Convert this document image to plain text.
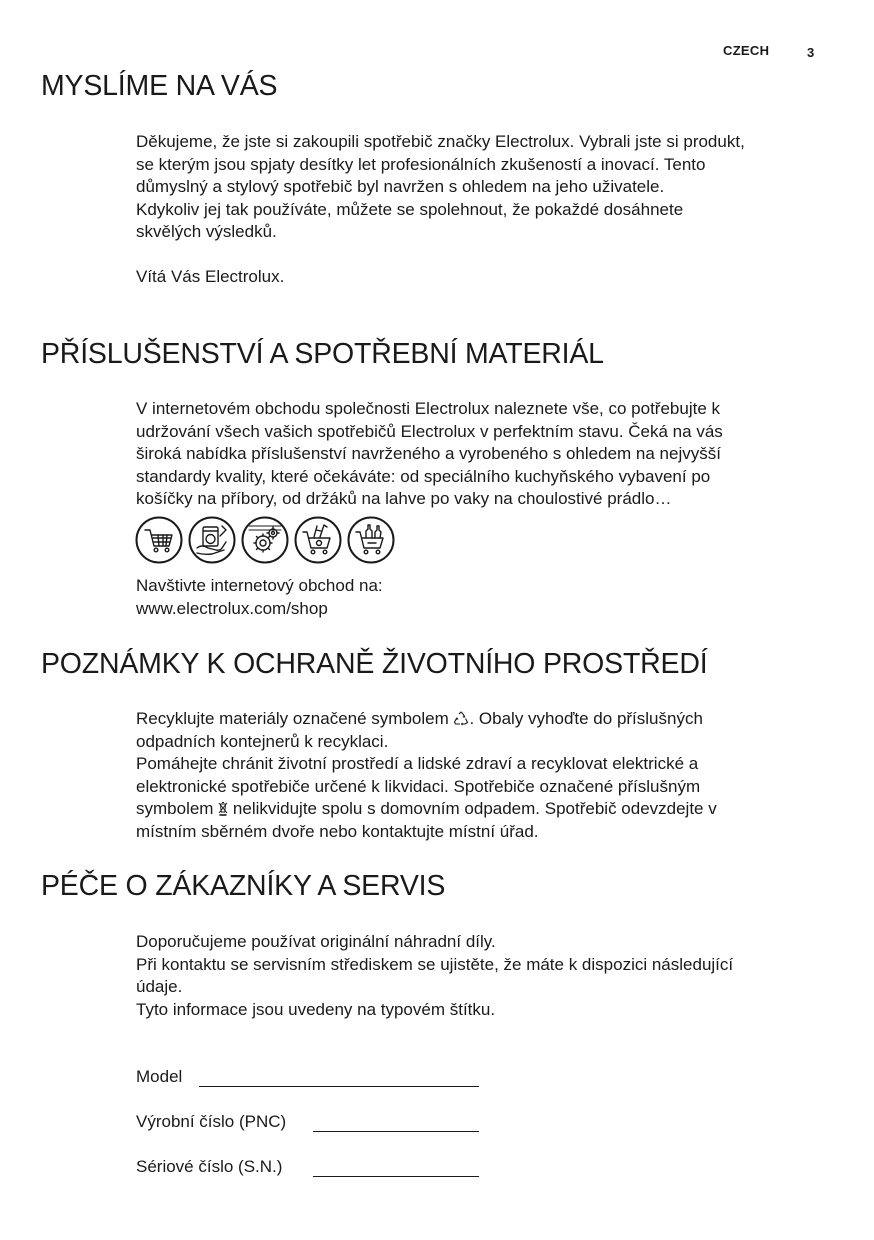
CZECH	3
MYSLÍME NA VÁS

Děkujeme, že jste si zakoupili spotřebič značky Electrolux. Vybrali jste si produkt,
se kterým jsou spjaty desítky let profesionálních zkušeností a inovací. Tento
důmyslný a stylový spotřebič byl navržen s ohledem na jeho uživatele.
Kdykoliv jej tak používáte, můžete se spolehnout, že pokaždé dosáhnete
skvělých výsledků.

Vítá Vás Electrolux.

PŘÍSLUŠENSTVÍ A SPOTŘEBNÍ MATERIÁL

V internetovém obchodu společnosti Electrolux naleznete vše, co potřebujte k
udržování všech vašich spotřebičů Electrolux v perfektním stavu. Čeká na vás
široká nabídka příslušenství navrženého a vyrobeného s ohledem na nejvyšší
standardy kvality, které očekáváte: od speciálního kuchyňského vybavení po
košíčky na příbory, od držáků na lahve po vaky na choulostivé prádlo…

Navštivte internetový obchod na:
www.electrolux.com/shop

POZNÁMKY K OCHRANĚ ŽIVOTNÍHO PROSTŘEDÍ

Recyklujte materiály označené symbolem . Obaly vyhoďte do příslušných
odpadních kontejnerů k recyklaci.
Pomáhejte chránit životní prostředí a lidské zdraví a recyklovat elektrické a
elektronické spotřebiče určené k likvidaci. Spotřebiče označené příslušným
symbolem  nelikvidujte spolu s domovním odpadem. Spotřebič odevzdejte v
místním sběrném dvoře nebo kontaktujte místní úřad.

PÉČE O ZÁKAZNÍKY A SERVIS

Doporučujeme používat originální náhradní díly.
Při kontaktu se servisním střediskem se ujistěte, že máte k dispozici následující
údaje.
Tyto informace jsou uvedeny na typovém štítku.

Model
Výrobní číslo (PNC)
Sériové číslo (S.N.)
